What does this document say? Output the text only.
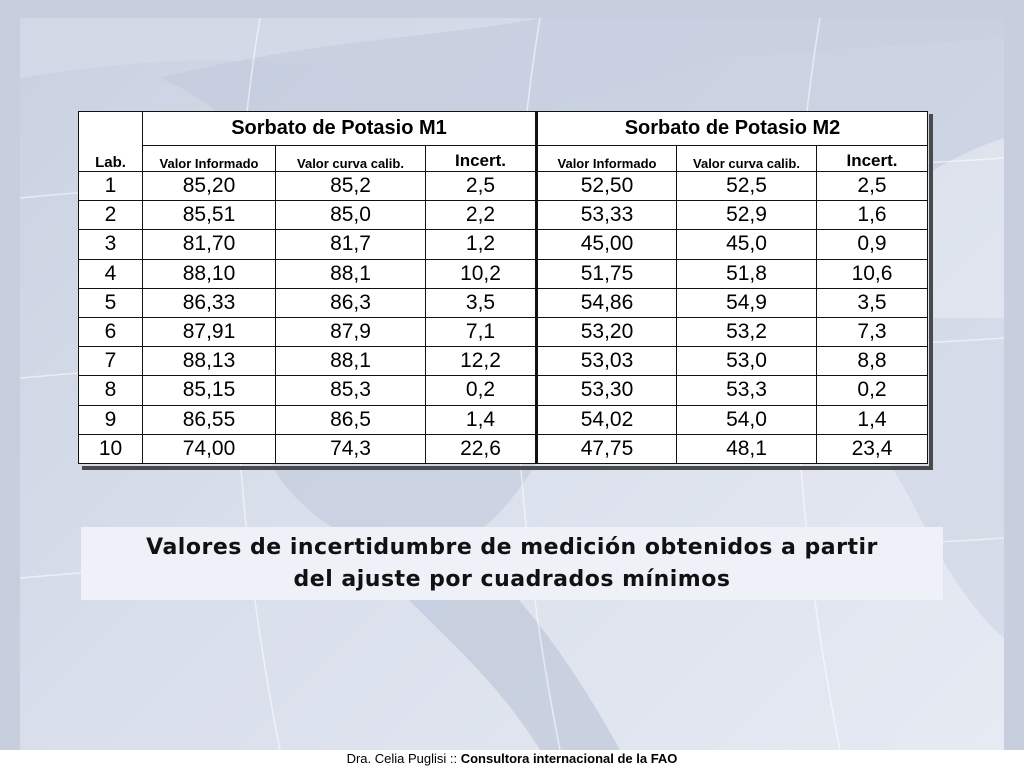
	Sorbato de Potasio M1			Sorbato de Potasio M2		
Lab.	Valor Informado	Valor curva calib.	Incert.	Valor Informado	Valor curva calib.	Incert.
1	85,20	85,2	2,5	52,50	52,5	2,5
2	85,51	85,0	2,2	53,33	52,9	1,6
3	81,70	81,7	1,2	45,00	45,0	0,9
4	88,10	88,1	10,2	51,75	51,8	10,6
5	86,33	86,3	3,5	54,86	54,9	3,5
6	87,91	87,9	7,1	53,20	53,2	7,3
7	88,13	88,1	12,2	53,03	53,0	8,8
8	85,15	85,3	0,2	53,30	53,3	0,2
9	86,55	86,5	1,4	54,02	54,0	1,4
10	74,00	74,3	22,6	47,75	48,1	23,4
Valores de incertidumbre de medición obtenidos a partir
del ajuste por cuadrados mínimos
Dra. Celia Puglisi :: Consultora internacional de la FAO
